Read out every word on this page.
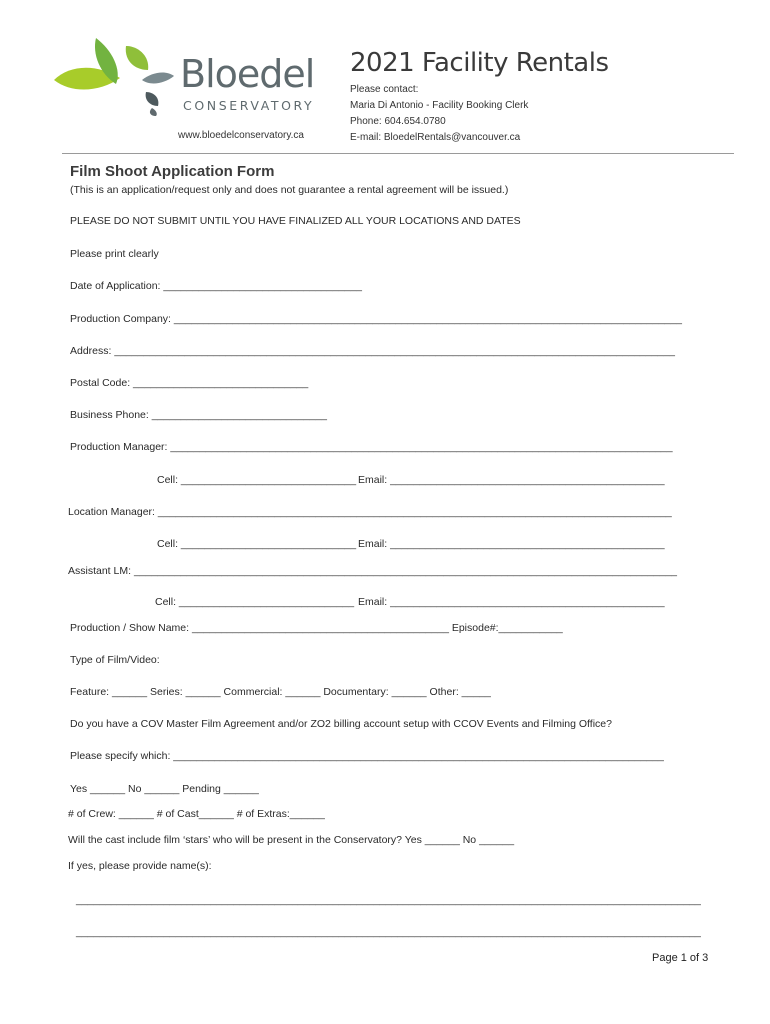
Bloedel
CONSERVATORY
www.bloedelconservatory.ca
2021 Facility Rentals
Please contact:
Maria Di Antonio - Facility Booking Clerk
Phone: 604.654.0780
E-mail: BloedelRentals@vancouver.ca
Film Shoot Application Form
(This is an application/request only and does not guarantee a rental agreement will be issued.)
PLEASE DO NOT SUBMIT UNTIL YOU HAVE FINALIZED ALL YOUR LOCATIONS AND DATES
Please print clearly
Date of Application: __________________________________
Production Company: _______________________________________________________________________________________
Address: ________________________________________________________________________________________________
Postal Code: ______________________________
Business Phone: ______________________________
Production Manager: ______________________________________________________________________________________
Cell: ______________________________ Email: _______________________________________________
Location Manager: ________________________________________________________________________________________
Cell: ______________________________ Email: _______________________________________________
Assistant LM: _____________________________________________________________________________________________
Cell: ______________________________ Email: _______________________________________________
Production / Show Name: ____________________________________________ Episode#:___________
Type of Film/Video:
Feature: ______ Series: ______ Commercial: ______ Documentary: ______ Other: _____
Do you have a COV Master Film Agreement and/or ZO2 billing account setup with CCOV Events and Filming Office?
Please specify which: ____________________________________________________________________________________
Yes ______ No ______ Pending ______
# of Crew: ______ # of Cast______ # of Extras:______
Will the cast include film ‘stars’ who will be present in the Conservatory? Yes ______ No ______
If yes, please provide name(s):
___________________________________________________________________________________________________________
___________________________________________________________________________________________________________
Page 1 of 3
